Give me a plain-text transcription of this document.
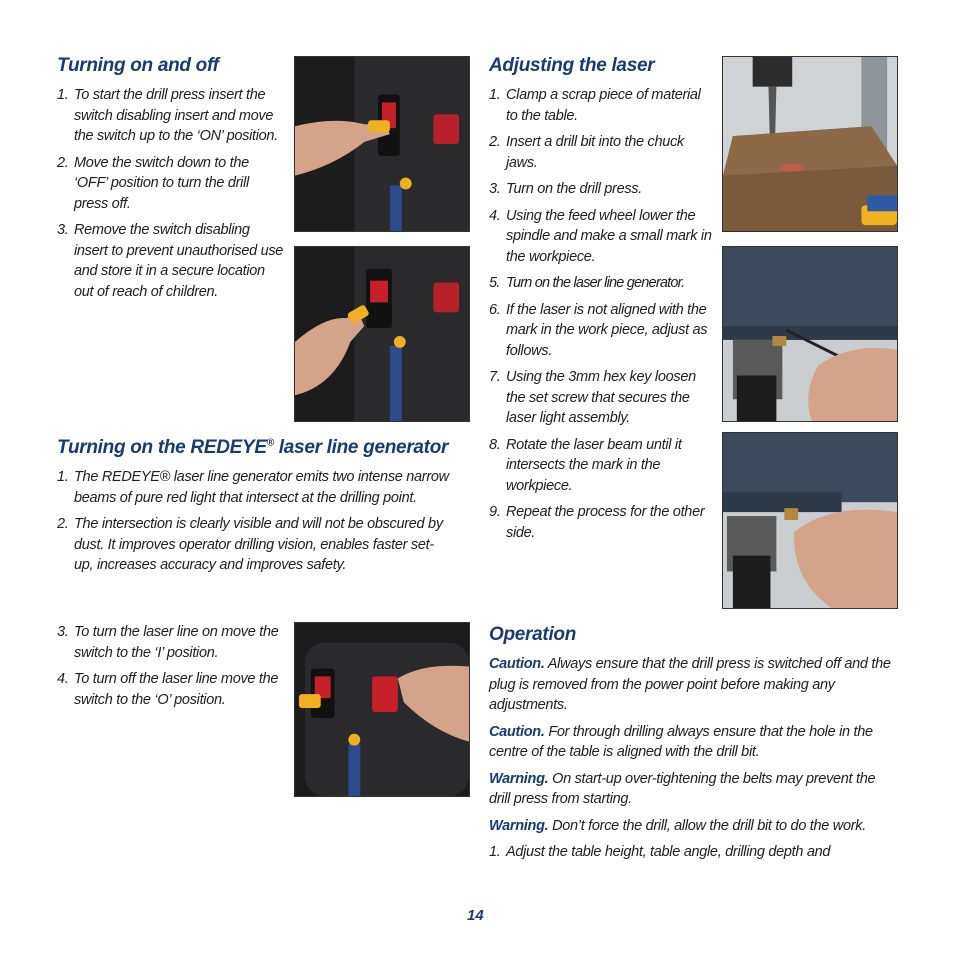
Turning on and off
1. To start the drill press insert the switch disabling insert and move the switch up to the ‘ON’ position.
2. Move the switch down to the ‘OFF’ position to turn the drill press off.
3. Remove the switch disabling insert to prevent unauthorised use and store it in a secure location out of reach of children.
Turning on the REDEYE® laser line generator
1. The REDEYE® laser line generator emits two intense narrow beams of pure red light that intersect at the drilling point.
2. The intersection is clearly visible and will not be obscured by dust. It improves operator drilling vision, enables faster set-up, increases accuracy and improves safety.
3. To turn the laser line on move the switch to the ‘I’ position.
4. To turn off the laser line move the switch to the ‘O’ position.
Adjusting the laser
1. Clamp a scrap piece of material to the table.
2. Insert a drill bit into the chuck jaws.
3. Turn on the drill press.
4. Using the feed wheel lower the spindle and make a small mark in the workpiece.
5. Turn on the laser line generator.
6. If the laser is not aligned with the mark in the work piece, adjust as follows.
7. Using the 3mm hex key loosen the set screw that secures the laser light assembly.
8. Rotate the laser beam until it intersects the mark in the workpiece.
9. Repeat the process for the other side.
Operation

Caution. Always ensure that the drill press is switched off and the plug is removed from the power point before making any adjustments.

Caution. For through drilling always ensure that the hole in the centre of the table is aligned with the drill bit.

Warning. On start-up over-tightening the belts may prevent the drill press from starting.

Warning. Don’t force the drill, allow the drill bit to do the work.

1. Adjust the table height, table angle, drilling depth and
14
